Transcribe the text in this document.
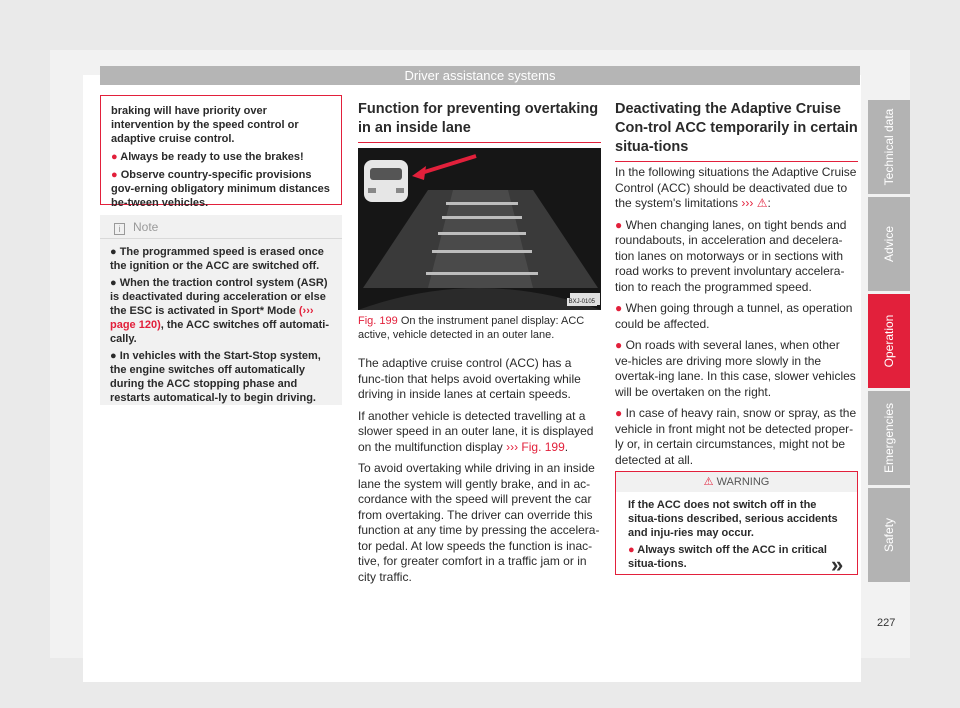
Driver assistance systems

braking will have priority over intervention by the speed control or adaptive cruise control.

● Always be ready to use the brakes!

● Observe country-specific provisions gov-erning obligatory minimum distances be-tween vehicles.

i Note

● The programmed speed is erased once the ignition or the ACC are switched off.

● When the traction control system (ASR) is deactivated during acceleration or else the ESC is activated in Sport* Mode (››› page 120), the ACC switches off automati-cally.

● In vehicles with the Start-Stop system, the engine switches off automatically during the ACC stopping phase and restarts automatical-ly to begin driving.

Function for preventing overtaking in an inside lane
BXJ-0105
Fig. 199 On the instrument panel display: ACC active, vehicle detected in an outer lane.

The adaptive cruise control (ACC) has a func-tion that helps avoid overtaking while driving in inside lanes at certain speeds.

If another vehicle is detected travelling at a slower speed in an outer lane, it is displayed on the multifunction display ››› Fig. 199.

To avoid overtaking while driving in an inside lane the system will gently brake, and in ac-cordance with the speed will prevent the car from overtaking. The driver can override this function at any time by pressing the accelera-tor pedal. At low speeds the function is inac-tive, for greater comfort in a traffic jam or in city traffic.

Deactivating the Adaptive Cruise Con-trol ACC temporarily in certain situa-tions

In the following situations the Adaptive Cruise Control (ACC) should be deactivated due to the system's limitations ››› ⚠:

● When changing lanes, on tight bends and roundabouts, in acceleration and decelera-tion lanes on motorways or in sections with road works to prevent involuntary accelera-tion to reach the programmed speed.

● When going through a tunnel, as operation could be affected.

● On roads with several lanes, when other ve-hicles are driving more slowly in the overtak-ing lane. In this case, slower vehicles will be overtaken on the right.

● In case of heavy rain, snow or spray, as the vehicle in front might not be detected proper-ly or, in certain circumstances, might not be detected at all.

⚠ WARNING

If the ACC does not switch off in the situa-tions described, serious accidents and inju-ries may occur.

● Always switch off the ACC in critical situa-tions.	»
Technical data
Advice
Operation
Emergencies
Safety
227
